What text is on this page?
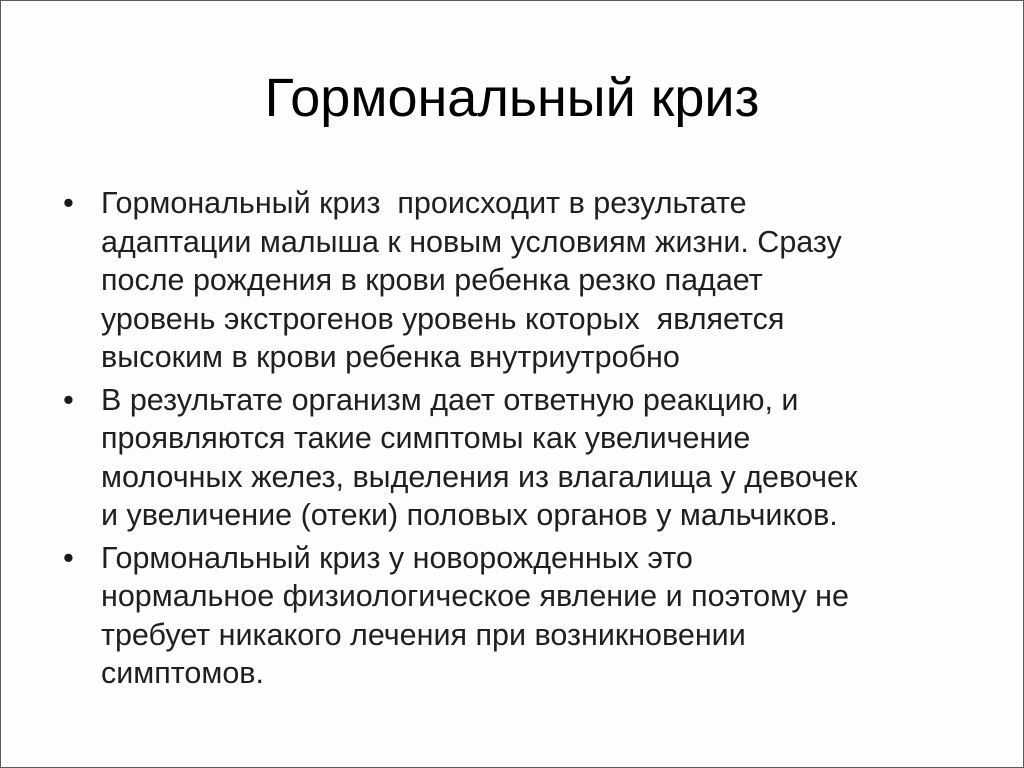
Гормональный криз
• Гормональный криз  происходит в результате
адаптации малыша к новым условиям жизни. Сразу
после рождения в крови ребенка резко падает
уровень экстрогенов уровень которых  является
высоким в крови ребенка внутриутробно
• В результате организм дает ответную реакцию, и
проявляются такие симптомы как увеличение
молочных желез, выделения из влагалища у девочек
и увеличение (отеки) половых органов у мальчиков.
• Гормональный криз у новорожденных это
нормальное физиологическое явление и поэтому не
требует никакого лечения при возникновении
симптомов.
